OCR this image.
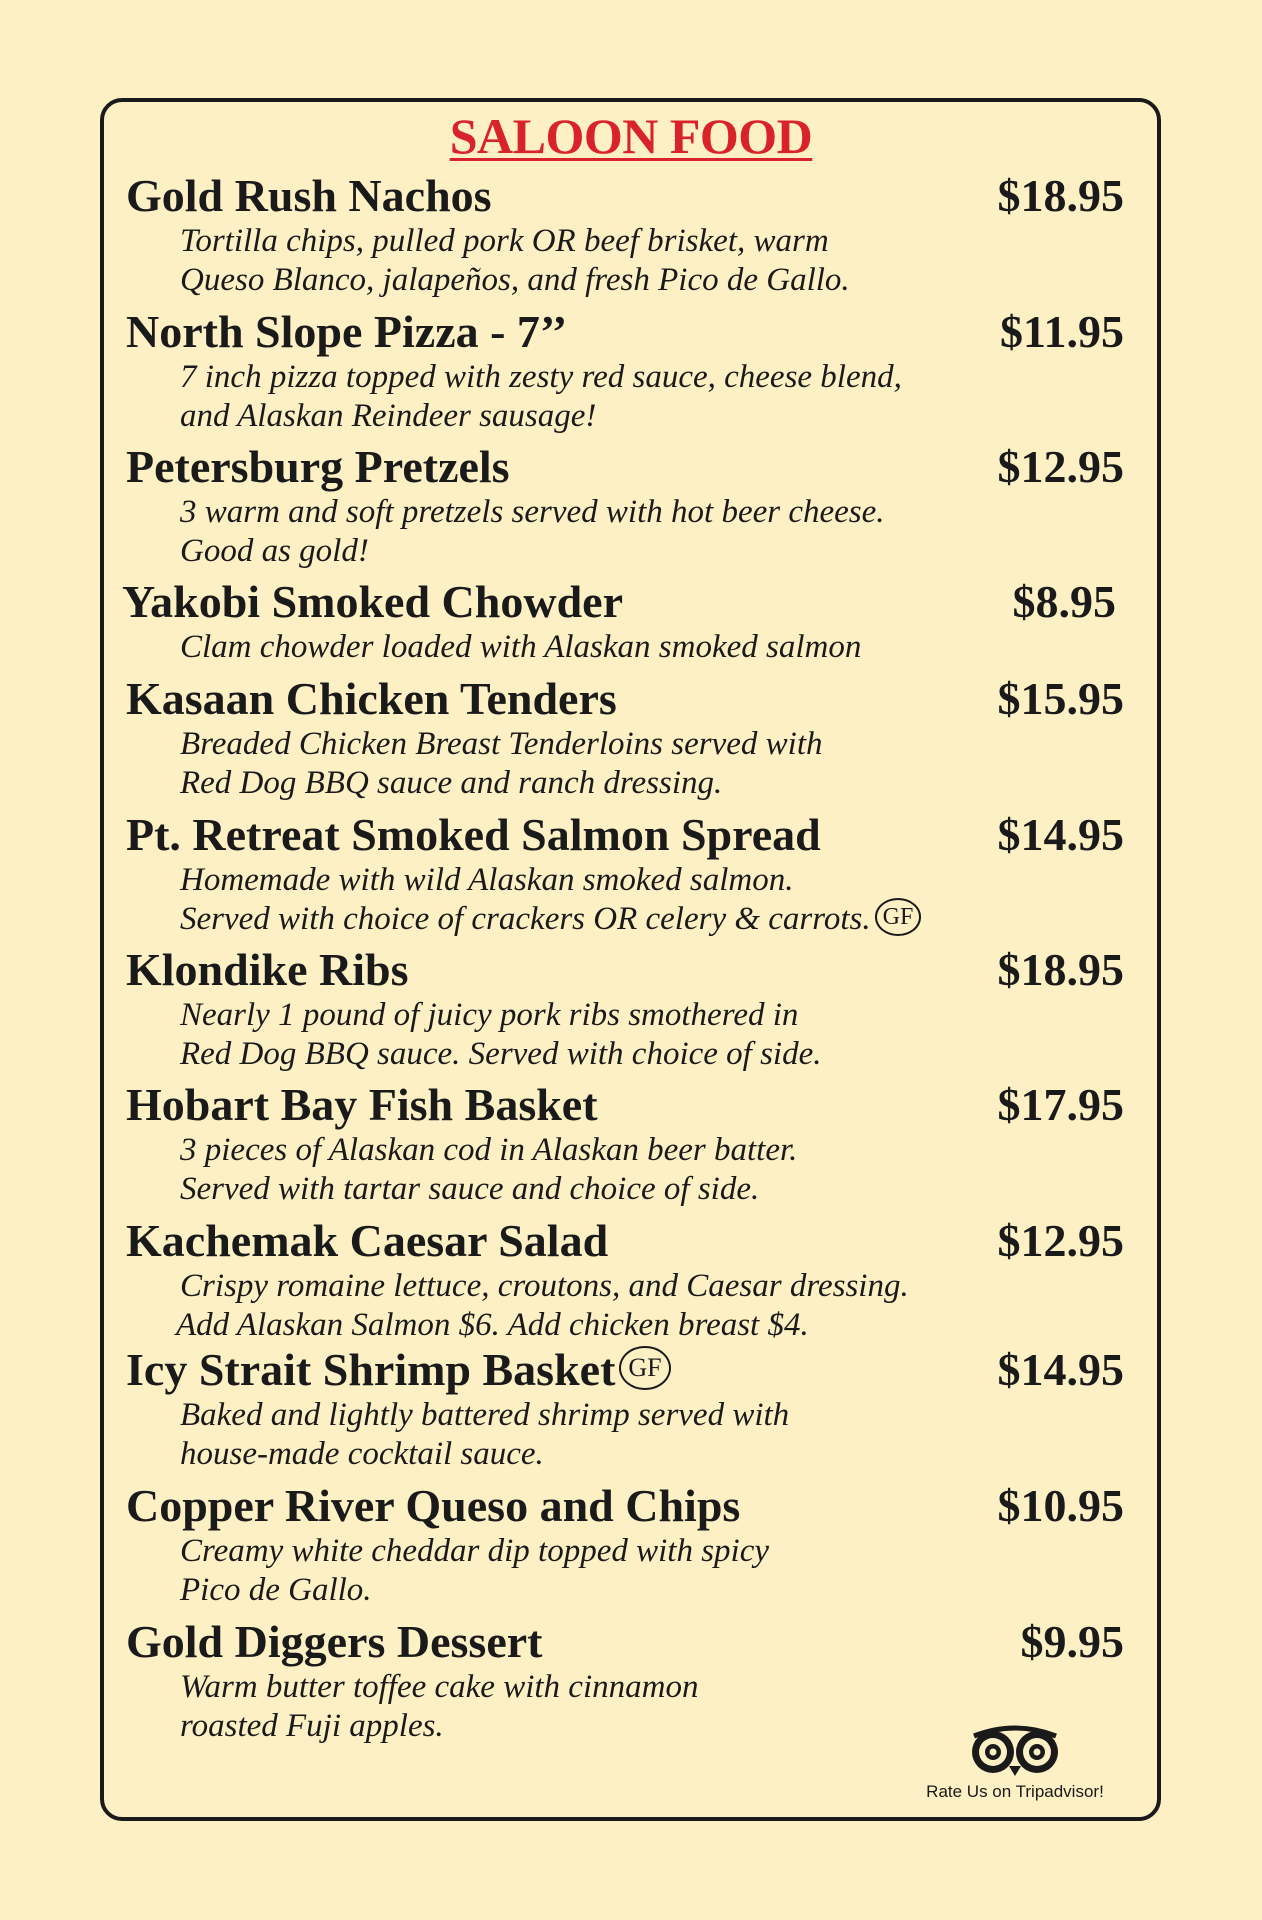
SALOON FOOD
Gold Rush Nachos	$18.95
Tortilla chips, pulled pork OR beef brisket, warm
Queso Blanco, jalapeños, and fresh Pico de Gallo.
North Slope Pizza - 7’’	$11.95
7 inch pizza topped with zesty red sauce, cheese blend,
and Alaskan Reindeer sausage!
Petersburg Pretzels	$12.95
3 warm and soft pretzels served with hot beer cheese.
Good as gold!
Yakobi Smoked Chowder	$8.95
Clam chowder loaded with Alaskan smoked salmon
Kasaan Chicken Tenders	$15.95
Breaded Chicken Breast Tenderloins served with
Red Dog BBQ sauce and ranch dressing.
Pt. Retreat Smoked Salmon Spread	$14.95
Homemade with wild Alaskan smoked salmon.
Served with choice of crackers OR celery & carrots. GF
Klondike Ribs	$18.95
Nearly 1 pound of juicy pork ribs smothered in
Red Dog BBQ sauce. Served with choice of side.
Hobart Bay Fish Basket	$17.95
3 pieces of Alaskan cod in Alaskan beer batter.
Served with tartar sauce and choice of side.
Kachemak Caesar Salad	$12.95
Crispy romaine lettuce, croutons, and Caesar dressing.
Add Alaskan Salmon $6. Add chicken breast $4.
Icy Strait Shrimp Basket GF	$14.95
Baked and lightly battered shrimp served with
house-made cocktail sauce.
Copper River Queso and Chips	$10.95
Creamy white cheddar dip topped with spicy
Pico de Gallo.
Gold Diggers Dessert	$9.95
Warm butter toffee cake with cinnamon
roasted Fuji apples.
Rate Us on Tripadvisor!
